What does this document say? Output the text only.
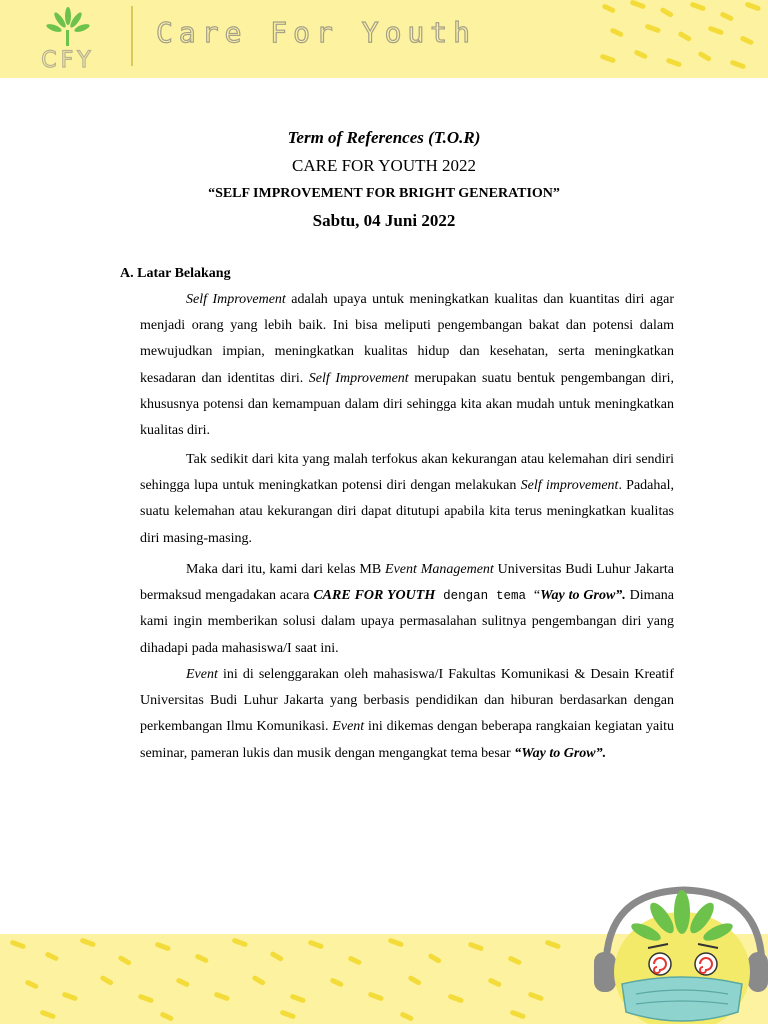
CFY
Care For Youth
Term of References (T.O.R)
CARE FOR YOUTH 2022
“SELF IMPROVEMENT FOR BRIGHT GENERATION”
Sabtu, 04 Juni 2022
A. Latar Belakang

Self Improvement adalah upaya untuk meningkatkan kualitas dan kuantitas diri agar menjadi orang yang lebih baik. Ini bisa meliputi pengembangan bakat dan potensi dalam mewujudkan impian, meningkatkan kualitas hidup dan kesehatan, serta meningkatkan kesadaran dan identitas diri. Self Improvement merupakan suatu bentuk pengembangan diri, khususnya potensi dan kemampuan dalam diri sehingga kita akan mudah untuk meningkatkan kualitas diri.

Tak sedikit dari kita yang malah terfokus akan kekurangan atau kelemahan diri sendiri sehingga lupa untuk meningkatkan potensi diri dengan melakukan Self improvement. Padahal, suatu kelemahan atau kekurangan diri dapat ditutupi apabila kita terus meningkatkan kualitas diri masing-masing.

Maka dari itu, kami dari kelas MB Event Management Universitas Budi Luhur Jakarta bermaksud mengadakan acara CARE FOR YOUTH dengan tema “Way to Grow”. Dimana kami ingin memberikan solusi dalam upaya permasalahan sulitnya pengembangan diri yang dihadapi pada mahasiswa/I saat ini.

Event ini di selenggarakan oleh mahasiswa/I Fakultas Komunikasi & Desain Kreatif Universitas Budi Luhur Jakarta yang berbasis pendidikan dan hiburan berdasarkan dengan perkembangan Ilmu Komunikasi. Event ini dikemas dengan beberapa rangkaian kegiatan yaitu seminar, pameran lukis dan musik dengan mengangkat tema besar “Way to Grow”.
